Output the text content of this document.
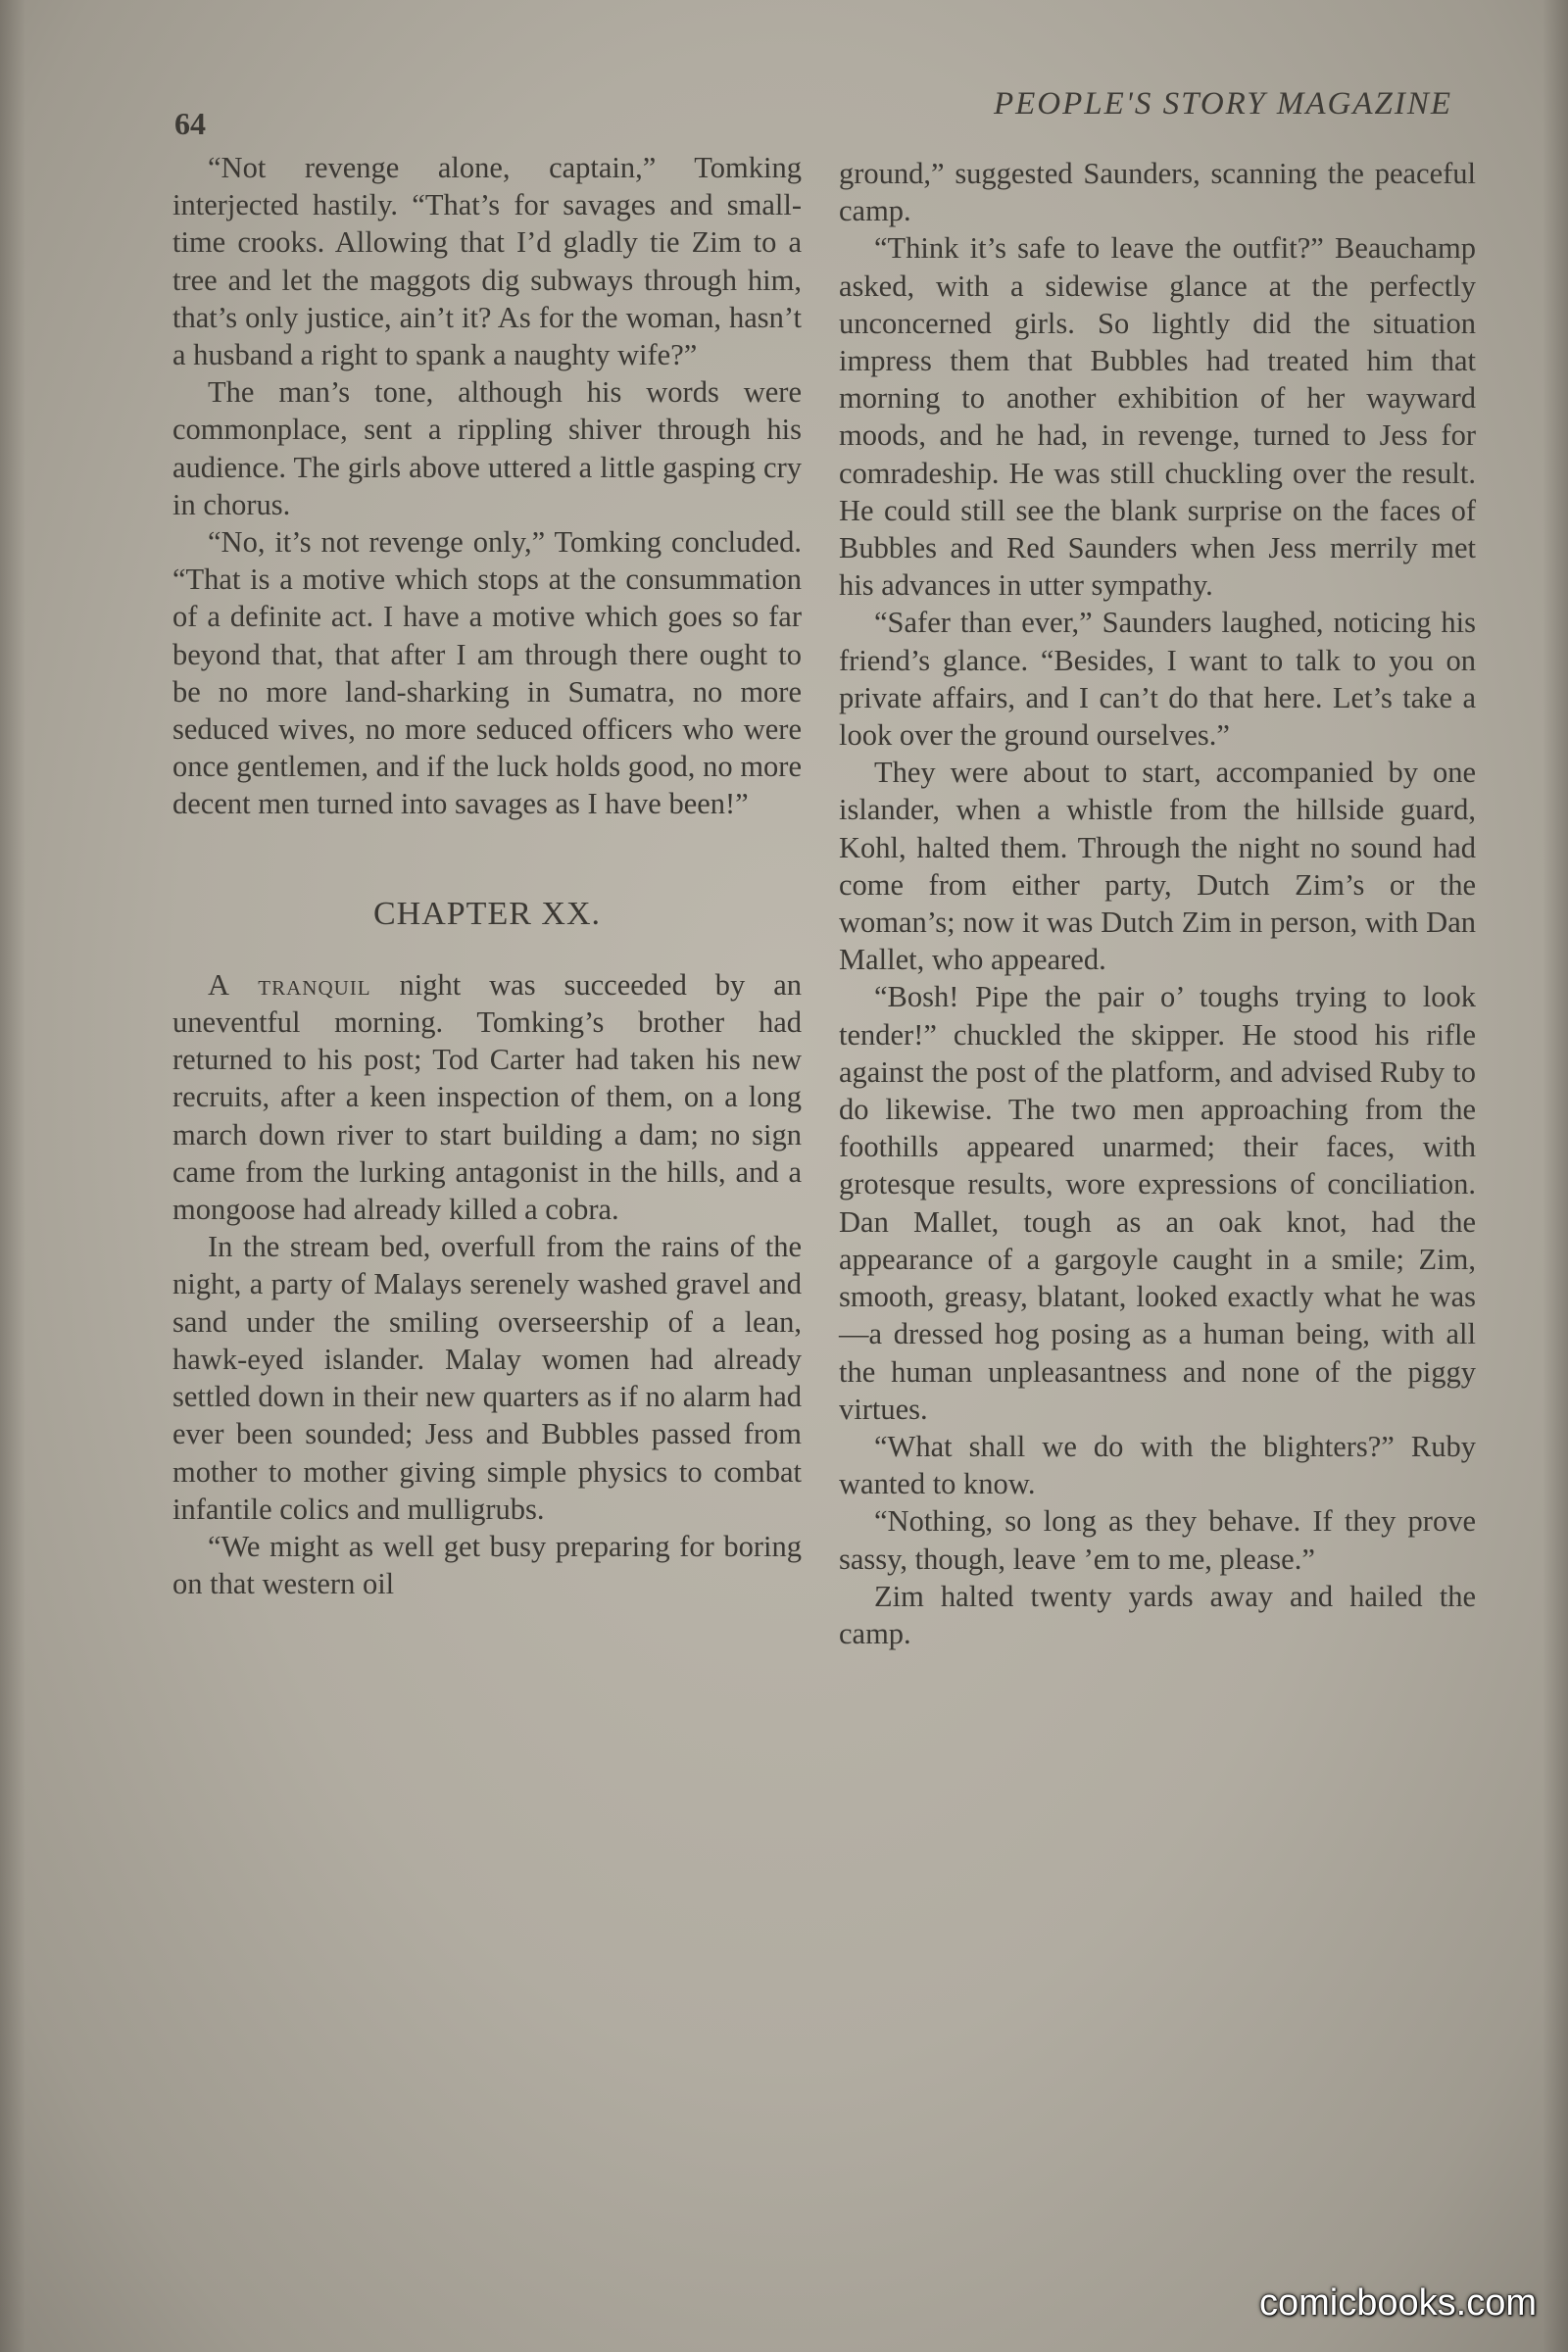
64
PEOPLE'S STORY MAGAZINE

“Not revenge alone, captain,” Tomking interjected hastily. “That’s for savages and small-time crooks. Allowing that I’d gladly tie Zim to a tree and let the maggots dig subways through him, that’s only justice, ain’t it? As for the woman, hasn’t a husband a right to spank a naughty wife?”

The man’s tone, although his words were commonplace, sent a rippling shiver through his audience. The girls above uttered a little gasping cry in chorus.

“No, it’s not revenge only,” Tomking concluded. “That is a motive which stops at the consummation of a definite act. I have a motive which goes so far beyond that, that after I am through there ought to be no more land-sharking in Sumatra, no more seduced wives, no more seduced officers who were once gentlemen, and if the luck holds good, no more decent men turned into savages as I have been!”

CHAPTER XX.

A tranquil night was succeeded by an uneventful morning. Tomking’s brother had returned to his post; Tod Carter had taken his new recruits, after a keen inspection of them, on a long march down river to start building a dam; no sign came from the lurking antagonist in the hills, and a mongoose had already killed a cobra.

In the stream bed, overfull from the rains of the night, a party of Malays serenely washed gravel and sand under the smiling overseership of a lean, hawk-eyed islander. Malay women had already settled down in their new quarters as if no alarm had ever been sounded; Jess and Bubbles passed from mother to mother giving simple physics to combat infantile colics and mulligrubs.

“We might as well get busy preparing for boring on that western oil

ground,” suggested Saunders, scanning the peaceful camp.

“Think it’s safe to leave the outfit?” Beauchamp asked, with a sidewise glance at the perfectly unconcerned girls. So lightly did the situation impress them that Bubbles had treated him that morning to another exhibition of her wayward moods, and he had, in revenge, turned to Jess for comradeship. He was still chuckling over the result. He could still see the blank surprise on the faces of Bubbles and Red Saunders when Jess merrily met his advances in utter sympathy.

“Safer than ever,” Saunders laughed, noticing his friend’s glance. “Besides, I want to talk to you on private affairs, and I can’t do that here. Let’s take a look over the ground ourselves.”

They were about to start, accompanied by one islander, when a whistle from the hillside guard, Kohl, halted them. Through the night no sound had come from either party, Dutch Zim’s or the woman’s; now it was Dutch Zim in person, with Dan Mallet, who appeared.

“Bosh! Pipe the pair o’ toughs trying to look tender!” chuckled the skipper. He stood his rifle against the post of the platform, and advised Ruby to do likewise. The two men approaching from the foothills appeared unarmed; their faces, with grotesque results, wore expressions of conciliation. Dan Mallet, tough as an oak knot, had the appearance of a gargoyle caught in a smile; Zim, smooth, greasy, blatant, looked exactly what he was—a dressed hog posing as a human being, with all the human unpleasantness and none of the piggy virtues.

“What shall we do with the blighters?” Ruby wanted to know.

“Nothing, so long as they behave. If they prove sassy, though, leave ’em to me, please.”

Zim halted twenty yards away and hailed the camp.

comicbooks.com
